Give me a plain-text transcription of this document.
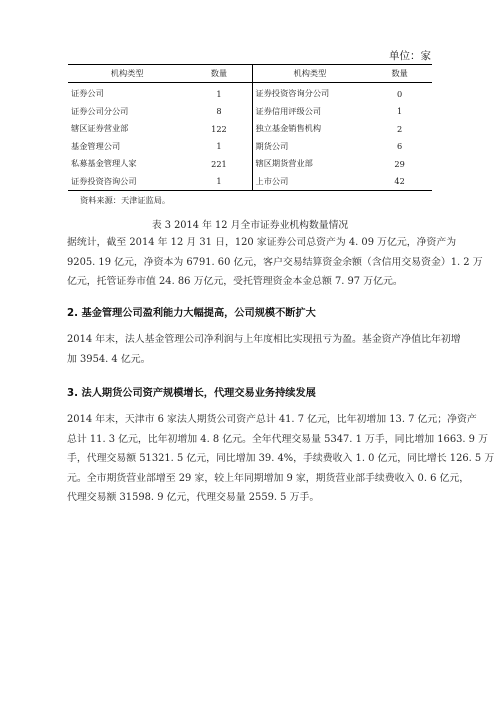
单位：家
机构类型	数量	机构类型	数量
证券公司	1	证券投资咨询分公司	0
证券公司分公司	8	证券信用评级公司	1
辖区证券营业部	122	独立基金销售机构	2
基金管理公司	1	期货公司	6
私募基金管理人家	221	辖区期货营业部	29
证券投资咨询公司	1	上市公司	42
资料来源：天津证监局。
表 3 2014 年 12 月全市证券业机构数量情况
据统计，截至 2014 年 12 月 31 日，120 家证券公司总资产为 4. 09 万亿元，净资产为
9205. 19 亿元，净资本为 6791. 60 亿元，客户交易结算资金余额（含信用交易资金）1. 2 万
亿元，托管证券市值 24. 86 万亿元，受托管理资金本金总额 7. 97 万亿元。
2. 基金管理公司盈利能力大幅提高，公司规模不断扩大
2014 年末，法人基金管理公司净利润与上年度相比实现扭亏为盈。基金资产净值比年初增
加 3954. 4 亿元。
3. 法人期货公司资产规模增长，代理交易业务持续发展
2014 年末，天津市 6 家法人期货公司资产总计 41. 7 亿元，比年初增加 13. 7 亿元；净资产
总计 11. 3 亿元，比年初增加 4. 8 亿元。全年代理交易量 5347. 1 万手，同比增加 1663. 9 万
手，代理交易额 51321. 5 亿元，同比增加 39. 4%，手续费收入 1. 0 亿元，同比增长 126. 5 万
元。全市期货营业部增至 29 家，较上年同期增加 9 家，期货营业部手续费收入 0. 6 亿元，
代理交易额 31598. 9 亿元，代理交易量 2559. 5 万手。
